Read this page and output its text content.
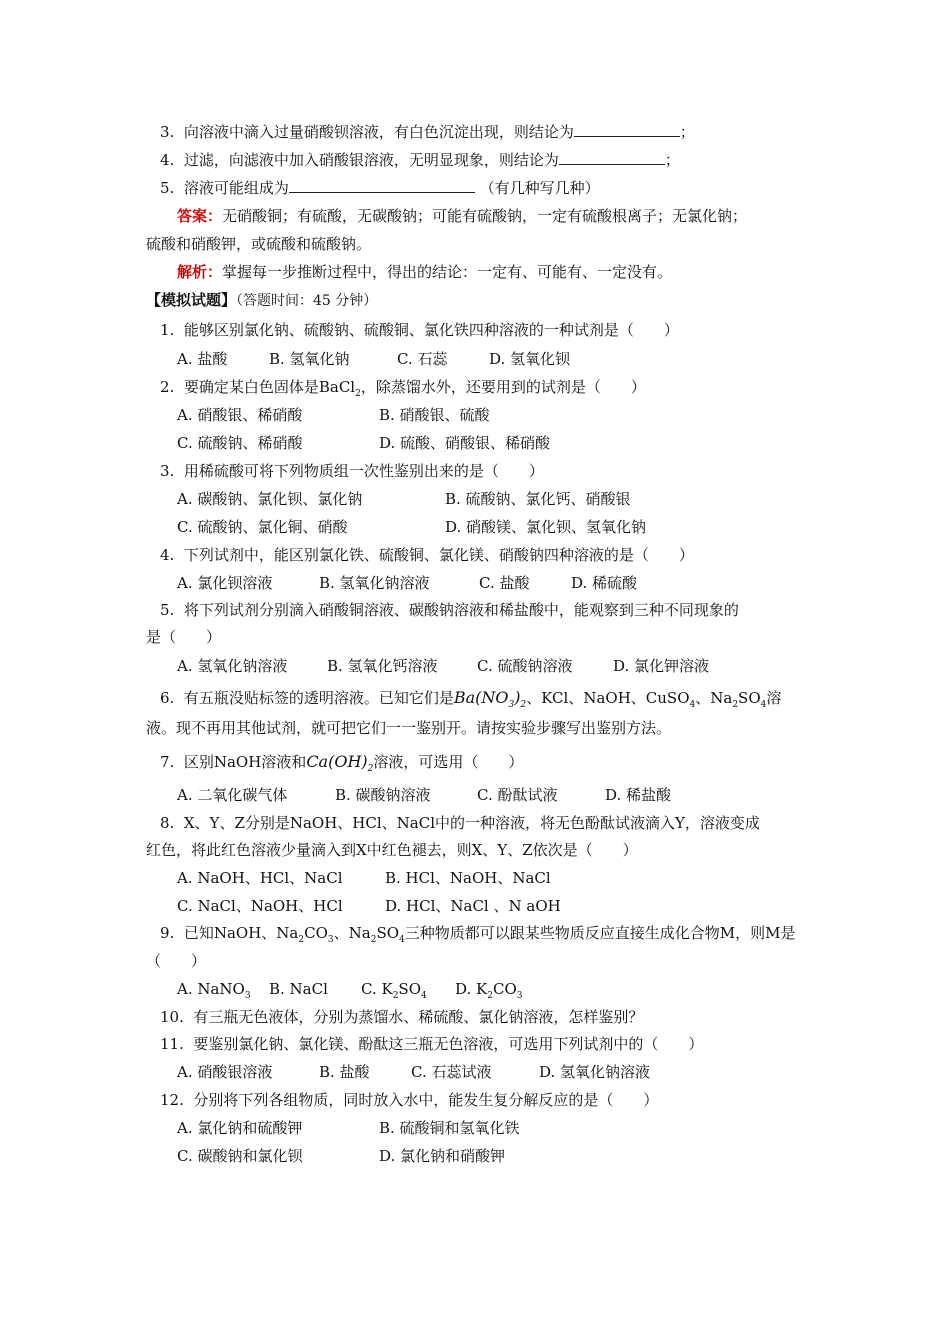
3. 向溶液中滴入过量硝酸钡溶液，有白色沉淀出现，则结论为	；
4. 过滤，向滤液中加入硝酸银溶液，无明显现象，则结论为	；
5. 溶液可能组成为	（有几种写几种）
答案：无硝酸铜；有硫酸，无碳酸钠；可能有硫酸钠，一定有硫酸根离子；无氯化钠；
硫酸和硝酸钾，或硫酸和硫酸钠。
解析：掌握每一步推断过程中，得出的结论：一定有、可能有、一定没有。
【模拟试题】（答题时间：45 分钟）
1. 能够区别氯化钠、硫酸钠、硫酸铜、氯化铁四种溶液的一种试剂是（　　）
A. 盐酸	B. 氢氧化钠	C. 石蕊	D. 氢氧化钡
2. 要确定某白色固体是BaCl$_2$，除蒸馏水外，还要用到的试剂是（　　）
A. 硝酸银、稀硝酸	B. 硝酸银、硫酸
C. 硫酸钠、稀硝酸	D. 硫酸、硝酸银、稀硝酸
3. 用稀硫酸可将下列物质组一次性鉴别出来的是（　　）
A. 碳酸钠、氯化钡、氯化钠	B. 硫酸钠、氯化钙、硝酸银
C. 硫酸钠、氯化铜、硝酸	D. 硝酸镁、氯化钡、氢氧化钠
4. 下列试剂中，能区别氯化铁、硫酸铜、氯化镁、硝酸钠四种溶液的是（　　）
A. 氯化钡溶液	B. 氢氧化钠溶液	C. 盐酸	D. 稀硫酸
5. 将下列试剂分别滴入硝酸铜溶液、碳酸钠溶液和稀盐酸中，能观察到三种不同现象的
是（　　）
A. 氢氧化钠溶液	B. 氢氧化钙溶液	C. 硫酸钠溶液	D. 氯化钾溶液
6. 有五瓶没贴标签的透明溶液。已知它们是$Ba(NO_3)_2$、KCl、NaOH、CuSO$_4$、$Na_2SO_4$溶
液。现不再用其他试剂，就可把它们一一鉴别开。请按实验步骤写出鉴别方法。
7. 区别NaOH溶液和$Ca(OH)_2$溶液，可选用（　　）
A. 二氧化碳气体	B. 碳酸钠溶液	C. 酚酞试液	D. 稀盐酸
8. X、Y、Z分别是NaOH、HCl、NaCl中的一种溶液，将无色酚酞试液滴入Y，溶液变成
红色，将此红色溶液少量滴入到X中红色褪去，则X、Y、Z依次是（　　）
A. NaOH、HCl、NaCl	B. HCl、NaOH、NaCl
C. NaCl、NaOH、HCl	D. HCl、NaCl 、N aOH
9. 已知NaOH、$Na_2CO_3$、$Na_2SO_4$三种物质都可以跟某些物质反应直接生成化合物M，则M是
（　　）
A. NaNO$_3$ B. NaCl C. $K_2SO_4$ D. $K_2CO_3$
10. 有三瓶无色液体，分别为蒸馏水、稀硫酸、氯化钠溶液，怎样鉴别？
11. 要鉴别氯化钠、氯化镁、酚酞这三瓶无色溶液，可选用下列试剂中的（　　）
A. 硝酸银溶液	B. 盐酸	C. 石蕊试液	D. 氢氧化钠溶液
12. 分别将下列各组物质，同时放入水中，能发生复分解反应的是（　　）
A. 氯化钠和硫酸钾	B. 硫酸铜和氢氧化铁
C. 碳酸钠和氯化钡	D. 氯化钠和硝酸钾
